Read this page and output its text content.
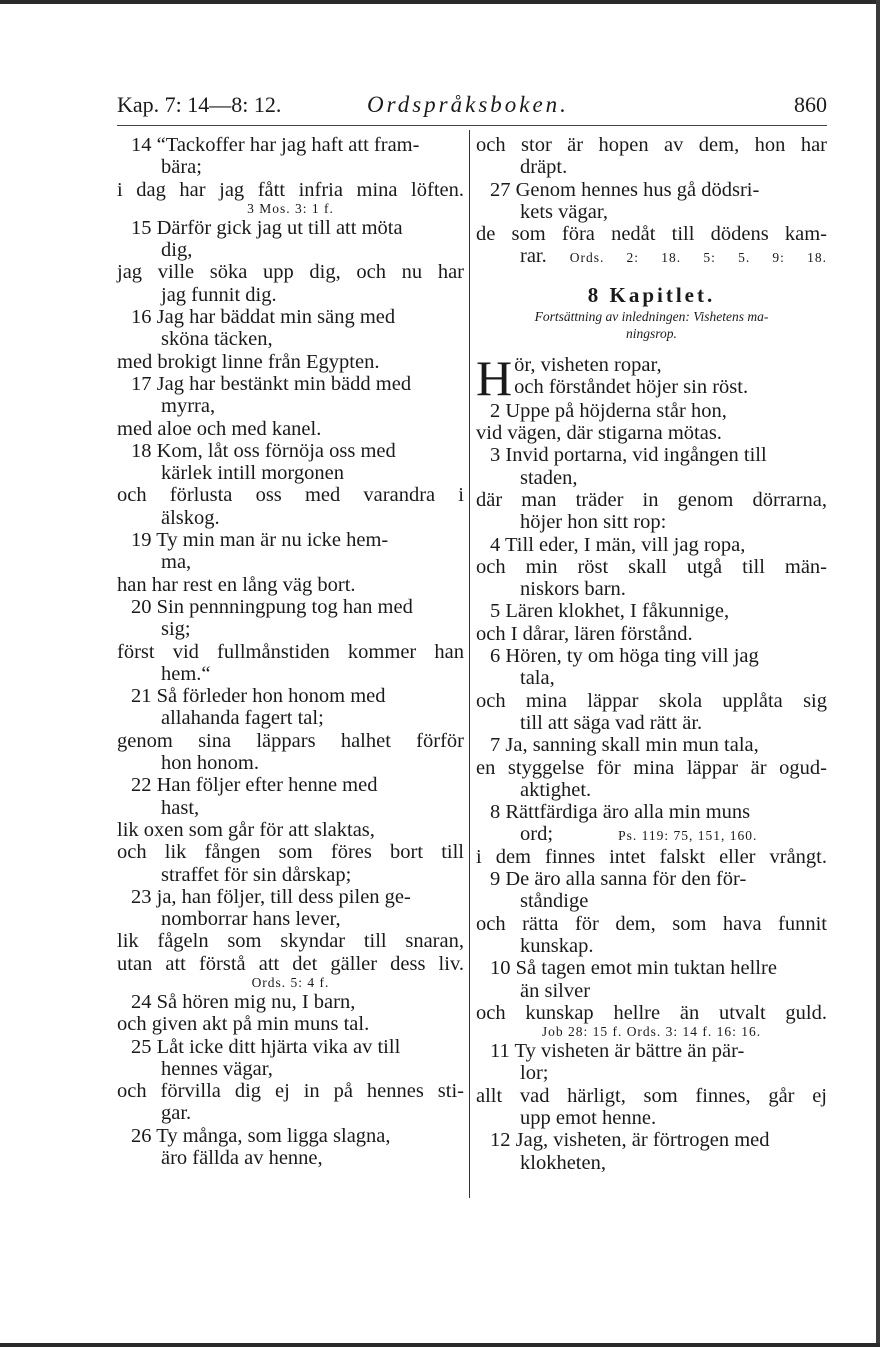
Kap. 7: 14—8: 12.	Ordspråksboken.	860
14 “Tackoffer har jag haft att fram-
bära;
i dag har jag fått infria mina löften.
3 Mos. 3: 1 f.
15 Därför gick jag ut till att möta
dig,
jag ville söka upp dig, och nu har
jag funnit dig.
16 Jag har bäddat min säng med
sköna täcken,
med brokigt linne från Egypten.
17 Jag har bestänkt min bädd med
myrra,
med aloe och med kanel.
18 Kom, låt oss förnöja oss med
kärlek intill morgonen
och förlusta oss med varandra i
älskog.
19 Ty min man är nu icke hem-
ma,
han har rest en lång väg bort.
20 Sin pennningpung tog han med
sig;
först vid fullmånstiden kommer han
hem.“
21 Så förleder hon honom med
allahanda fagert tal;
genom sina läppars halhet förför
hon honom.
22 Han följer efter henne med
hast,
lik oxen som går för att slaktas,
och lik fången som föres bort till
straffet för sin dårskap;
23 ja, han följer, till dess pilen ge-
nomborrar hans lever,
lik fågeln som skyndar till snaran,
utan att förstå att det gäller dess liv.
Ords. 5: 4 f.
24 Så hören mig nu, I barn,
och given akt på min muns tal.
25 Låt icke ditt hjärta vika av till
hennes vägar,
och förvilla dig ej in på hennes sti-
gar.
26 Ty många, som ligga slagna,
äro fällda av henne,
och stor är hopen av dem, hon har
dräpt.
27 Genom hennes hus gå dödsri-
kets vägar,
de som föra nedåt till dödens kam-
rar. Ords. 2: 18. 5: 5. 9: 18.
8 Kapitlet.
Fortsättning av inledningen: Vishetens ma-
ningsrop.
H ör, visheten ropar,
och förståndet höjer sin röst.
2 Uppe på höjderna står hon,
vid vägen, där stigarna mötas.
3 Invid portarna, vid ingången till
staden,
där man träder in genom dörrarna,
höjer hon sitt rop:
4 Till eder, I män, vill jag ropa,
och min röst skall utgå till män-
niskors barn.
5 Lären klokhet, I fåkunnige,
och I dårar, lären förstånd.
6 Hören, ty om höga ting vill jag
tala,
och mina läppar skola upplåta sig
till att säga vad rätt är.
7 Ja, sanning skall min mun tala,
en styggelse för mina läppar är ogud-
aktighet.
8 Rättfärdiga äro alla min muns
ord;	Ps. 119: 75, 151, 160.
i dem finnes intet falskt eller vrångt.
9 De äro alla sanna för den för-
ståndige
och rätta för dem, som hava funnit
kunskap.
10 Så tagen emot min tuktan hellre
än silver
och kunskap hellre än utvalt guld.
Job 28: 15 f. Ords. 3: 14 f. 16: 16.
11 Ty visheten är bättre än pär-
lor;
allt vad härligt, som finnes, går ej
upp emot henne.
12 Jag, visheten, är förtrogen med
klokheten,
